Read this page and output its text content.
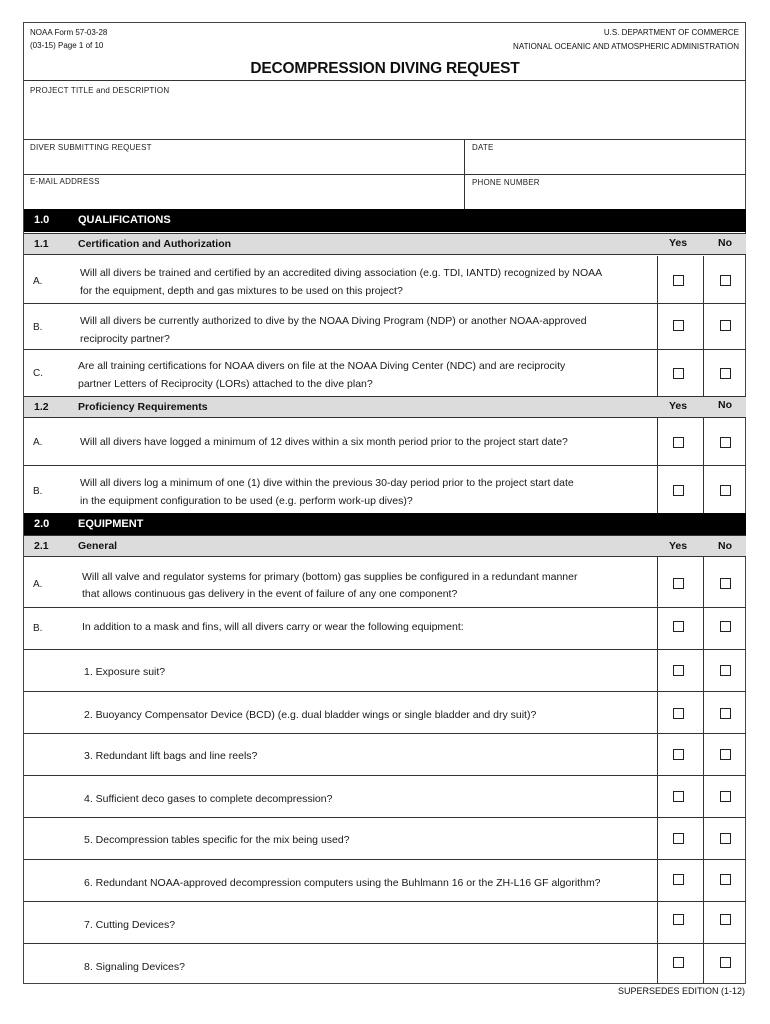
NOAA Form 57-03-28
(03-15) Page 1 of 10
U.S. DEPARTMENT OF COMMERCE
NATIONAL OCEANIC AND ATMOSPHERIC ADMINISTRATION
DECOMPRESSION DIVING REQUEST
PROJECT TITLE and DESCRIPTION
DIVER SUBMITTING REQUEST	DATE
E-MAIL ADDRESS	PHONE NUMBER
1.0	QUALIFICATIONS
1.1	Certification and Authorization	Yes	No
A.
Will all divers be trained and certified by an accredited diving association (e.g. TDI, IANTD) recognized by NOAA
for the equipment, depth and gas mixtures to be used on this project?
B.
Will all divers be currently authorized to dive by the NOAA Diving Program (NDP) or another NOAA-approved
reciprocity partner?
C.
Are all training certifications for NOAA divers on file at the NOAA Diving Center (NDC) and are reciprocity
partner Letters of Reciprocity (LORs) attached to the dive plan?
1.2	Proficiency Requirements	Yes	No
A.	Will all divers have logged a minimum of 12 dives within a six month period prior to the project start date?
B.
Will all divers log a minimum of one (1) dive within the previous 30-day period prior to the project start date
in the equipment configuration to be used (e.g. perform work-up dives)?
2.0	EQUIPMENT
2.1	General	Yes	No
A.
Will all valve and regulator systems for primary (bottom) gas supplies be configured in a redundant manner
that allows continuous gas delivery in the event of failure of any one component?
B.	In addition to a mask and fins, will all divers carry or wear the following equipment:
1. Exposure suit?
2. Buoyancy Compensator Device (BCD) (e.g. dual bladder wings or single bladder and dry suit)?
3. Redundant lift bags and line reels?
4. Sufficient deco gases to complete decompression?
5. Decompression tables specific for the mix being used?
6. Redundant NOAA-approved decompression computers using the Buhlmann 16 or the ZH-L16 GF algorithm?
7. Cutting Devices?
8. Signaling Devices?
SUPERSEDES EDITION (1-12)
